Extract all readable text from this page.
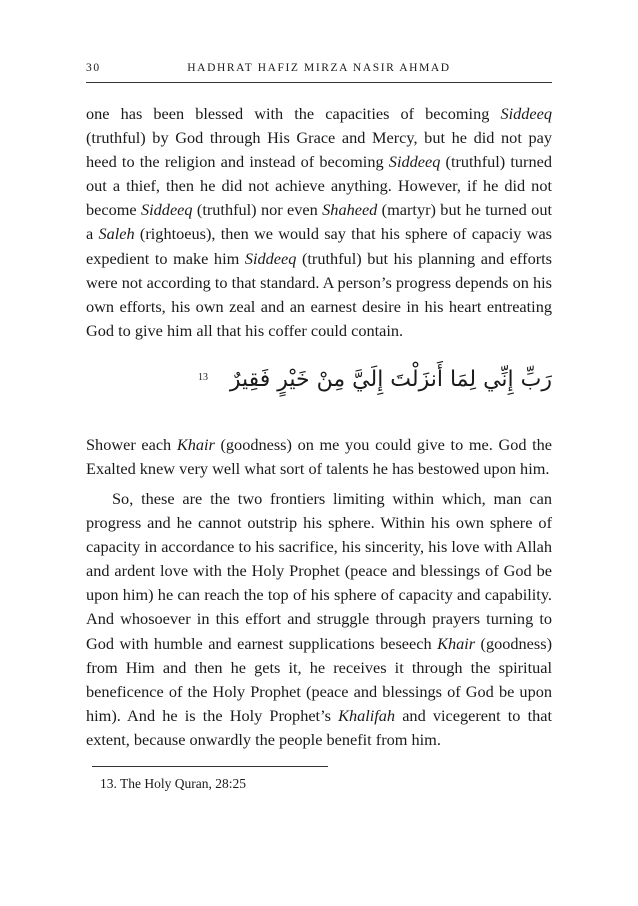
30	HADHRAT HAFIZ MIRZA NASIR AHMAD

one has been blessed with the capacities of becoming Siddeeq (truthful) by God through His Grace and Mercy, but he did not pay heed to the religion and instead of becoming Siddeeq (truthful) turned out a thief, then he did not achieve anything. However, if he did not become Siddeeq (truthful) nor even Shaheed (martyr) but he turned out a Saleh (rightoeus), then we would say that his sphere of capaciy was expedient to make him Siddeeq (truthful) but his planning and efforts were not according to that standard. A person’s progress depends on his own efforts, his own zeal and an earnest desire in his heart entreating God to give him all that his coffer could contain.

رَبِّ إِنِّي لِمَا أَنزَلْتَ إِلَيَّ مِنْ خَيْرٍ فَقِيرٌ
13

Shower each Khair (goodness) on me you could give to me. God the Exalted knew very well what sort of talents he has bestowed upon him.

So, these are the two frontiers limiting within which, man can progress and he cannot outstrip his sphere. Within his own sphere of capacity in accordance to his sacrifice, his sincerity, his love with Allah and ardent love with the Holy Prophet (peace and blessings of God be upon him) he can reach the top of his sphere of capacity and capability. And whosoever in this effort and struggle through prayers turning to God with humble and earnest supplications beseech Khair (goodness) from Him and then he gets it, he receives it through the spiritual beneficence of the Holy Prophet (peace and blessings of God be upon him). And he is the Holy Prophet’s Khalifah and vicegerent to that extent, because onwardly the people benefit from him.

13. The Holy Quran, 28:25
